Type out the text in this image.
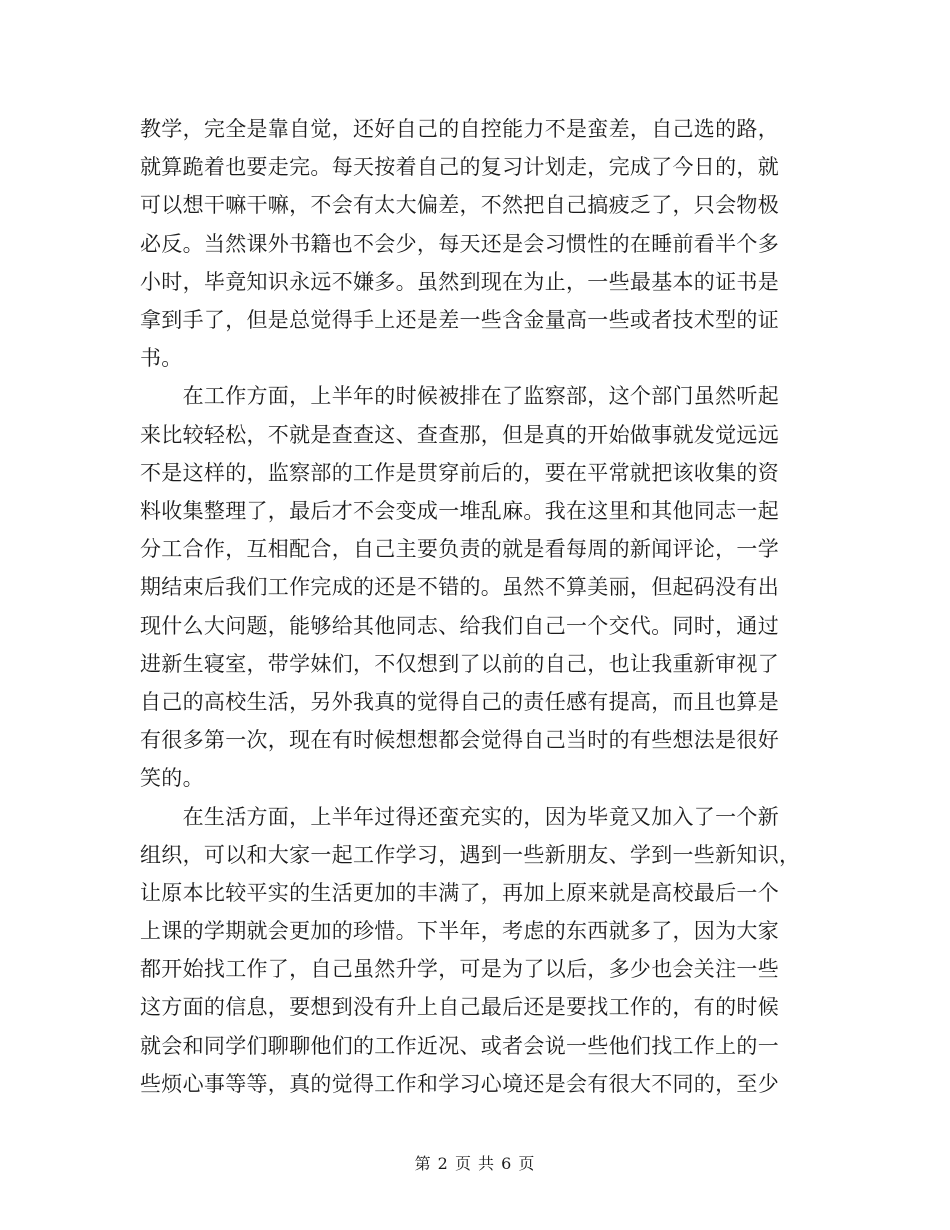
教学，完全是靠自觉，还好自己的自控能力不是蛮差，自己选的路，
就算跪着也要走完。每天按着自己的复习计划走，完成了今日的，就
可以想干嘛干嘛，不会有太大偏差，不然把自己搞疲乏了，只会物极
必反。当然课外书籍也不会少，每天还是会习惯性的在睡前看半个多
小时，毕竟知识永远不嫌多。虽然到现在为止，一些最基本的证书是
拿到手了，但是总觉得手上还是差一些含金量高一些或者技术型的证
书。
　　在工作方面，上半年的时候被排在了监察部，这个部门虽然听起
来比较轻松，不就是查查这、查查那，但是真的开始做事就发觉远远
不是这样的，监察部的工作是贯穿前后的，要在平常就把该收集的资
料收集整理了，最后才不会变成一堆乱麻。我在这里和其他同志一起
分工合作，互相配合，自己主要负责的就是看每周的新闻评论，一学
期结束后我们工作完成的还是不错的。虽然不算美丽，但起码没有出
现什么大问题，能够给其他同志、给我们自己一个交代。同时，通过
进新生寝室，带学妹们，不仅想到了以前的自己，也让我重新审视了
自己的高校生活，另外我真的觉得自己的责任感有提高，而且也算是
有很多第一次，现在有时候想想都会觉得自己当时的有些想法是很好
笑的。
　　在生活方面，上半年过得还蛮充实的，因为毕竟又加入了一个新
组织，可以和大家一起工作学习，遇到一些新朋友、学到一些新知识，
让原本比较平实的生活更加的丰满了，再加上原来就是高校最后一个
上课的学期就会更加的珍惜。下半年，考虑的东西就多了，因为大家
都开始找工作了，自己虽然升学，可是为了以后，多少也会关注一些
这方面的信息，要想到没有升上自己最后还是要找工作的，有的时候
就会和同学们聊聊他们的工作近况、或者会说一些他们找工作上的一
些烦心事等等，真的觉得工作和学习心境还是会有很大不同的，至少
第 2 页 共 6 页
